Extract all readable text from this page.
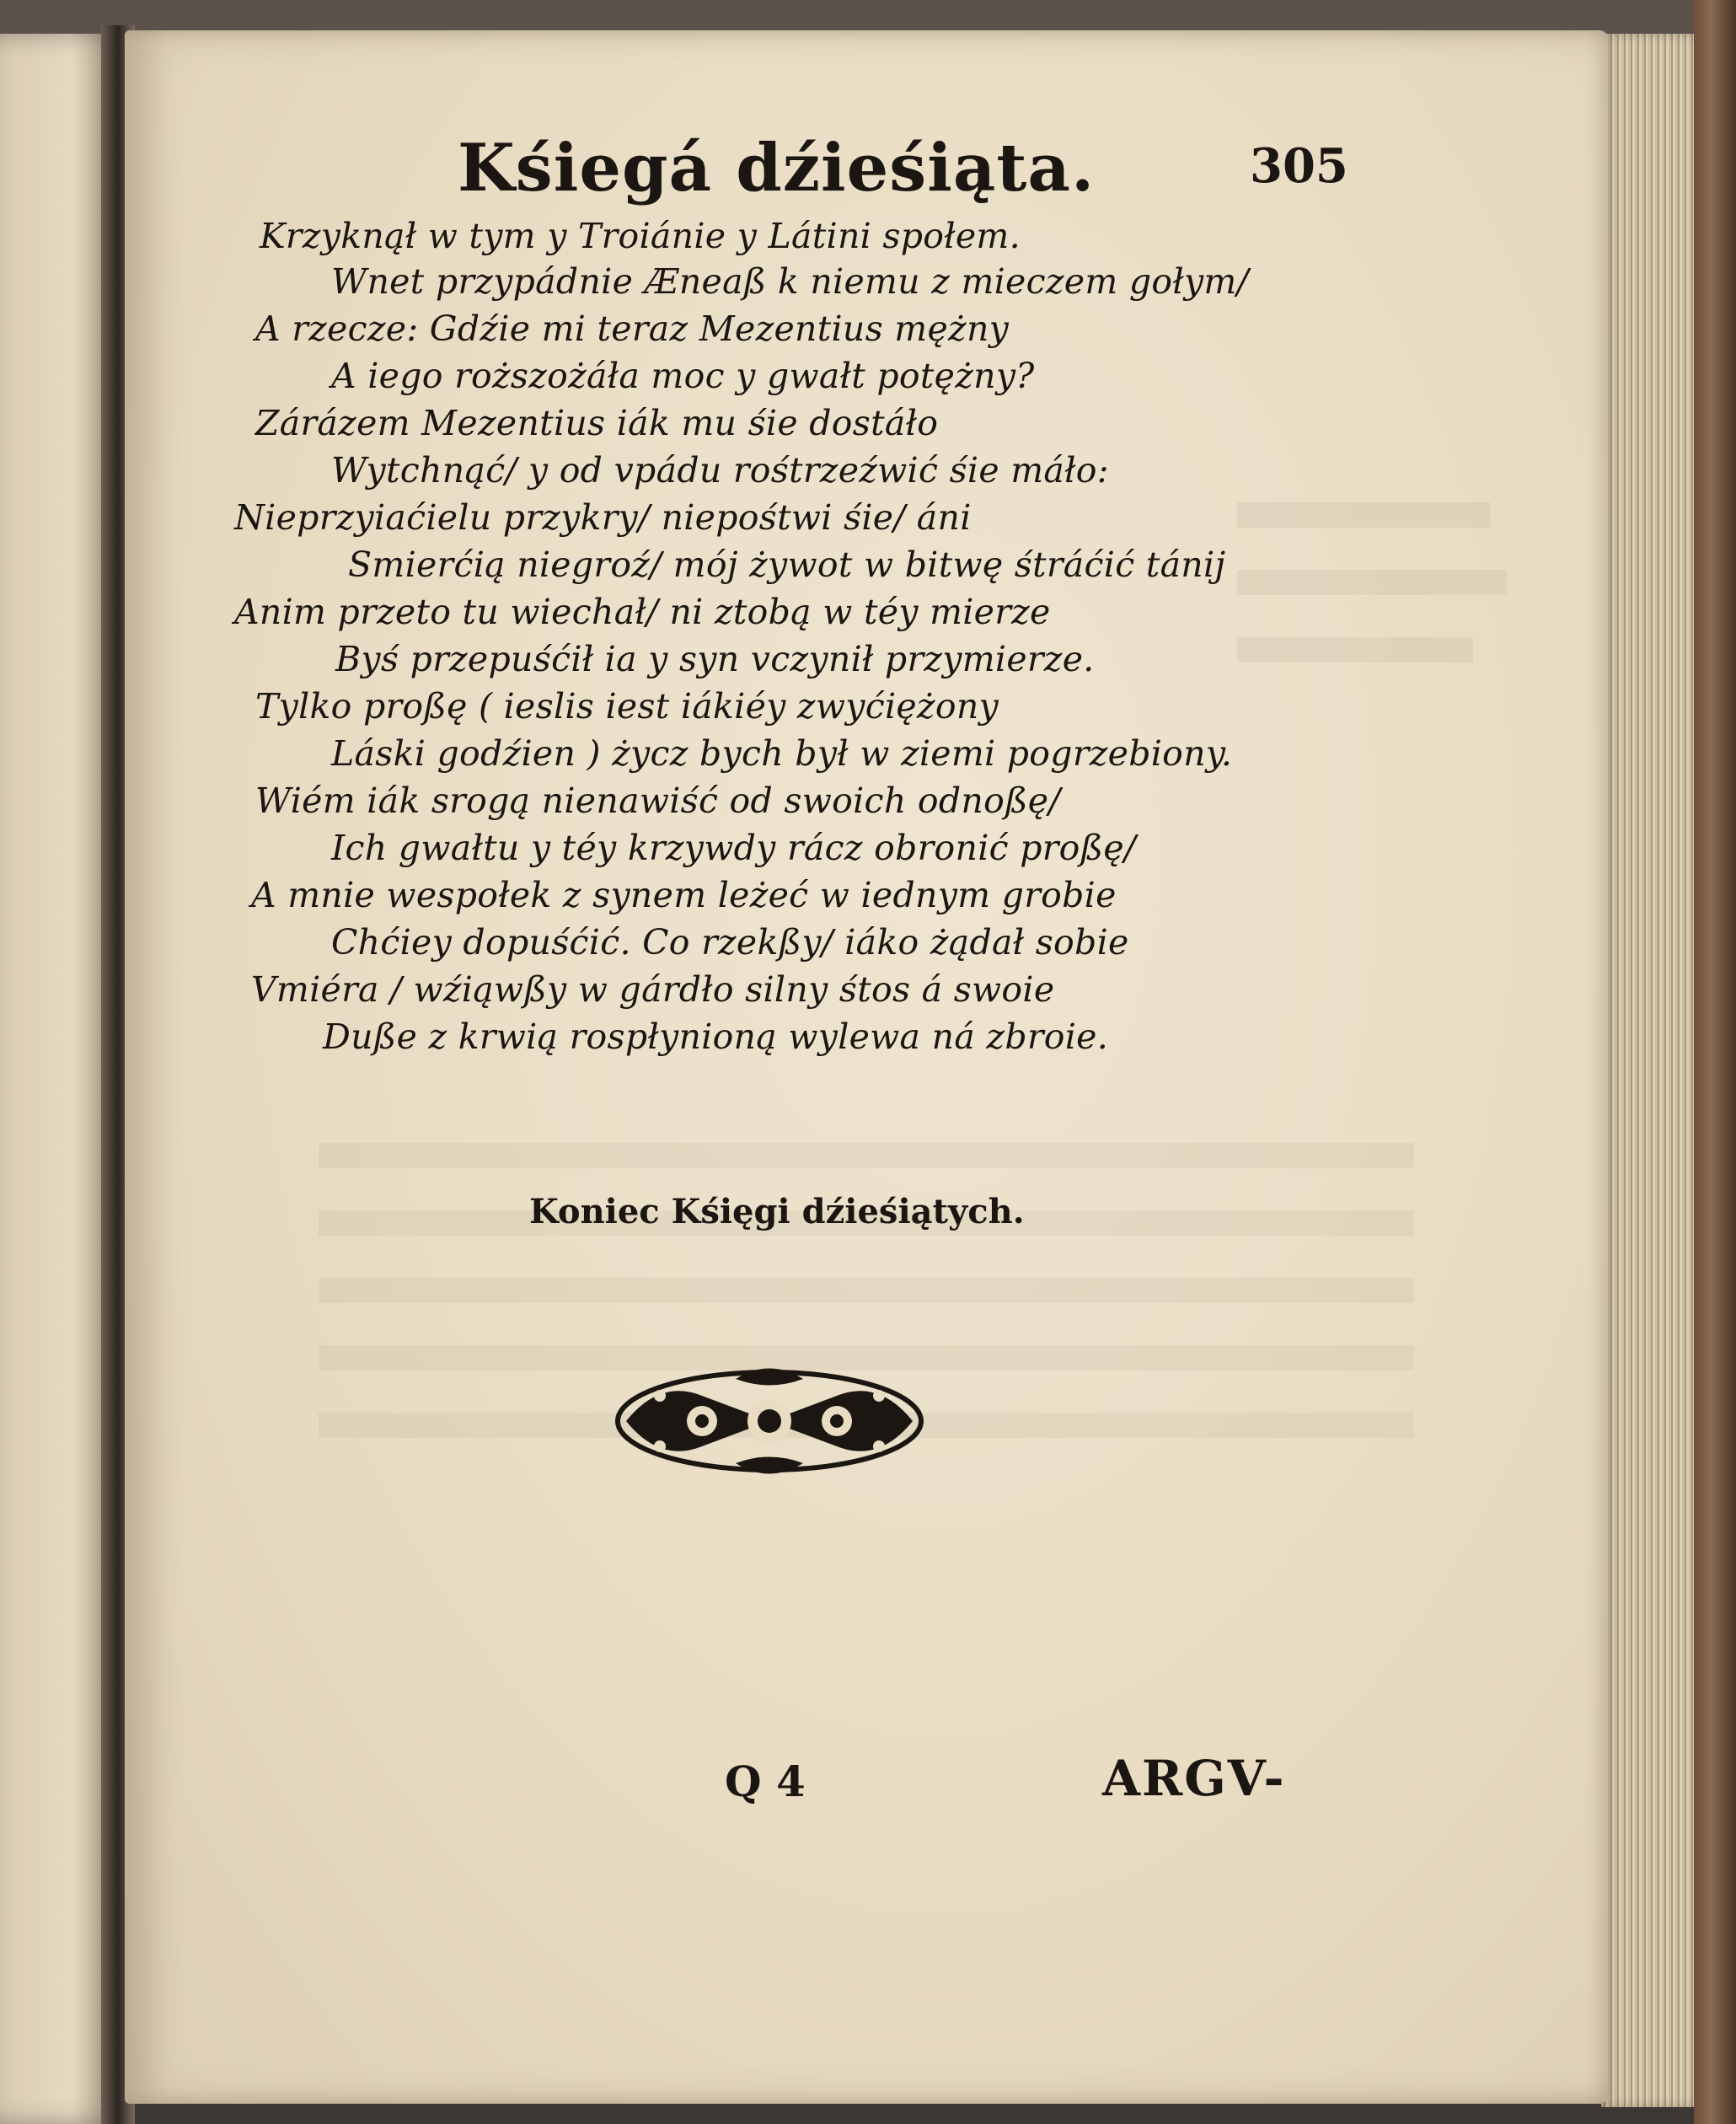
Kśiegá dźieśiąta.	305
Krzyknął w tym y Troiánie y Látini społem.
Wnet przypádnie Æneaß k niemu z mieczem gołym/
A rzecze: Gdźie mi teraz Mezentius mężny
A iego roższożáła moc y gwałt potężny?
Zárázem Mezentius iák mu śie dostáło
Wytchnąć/ y od vpádu rośtrzeźwić śie máło:
Nieprzyiaćielu przykry/ niepośtwi śie/ áni
Smierćią niegroź/ mój żywot w bitwę śtráćić tánij
Anim przeto tu wiechał/ ni ztobą w téy mierze
Byś przepuśćił ia y syn vczynił przymierze.
Tylko proßę ( ieslis iest iákiéy zwyćiężony
Láski godźien ) życz bych był w ziemi pogrzebiony.
Wiém iák srogą nienawiść od swoich odnoßę/
Ich gwałtu y téy krzywdy rácz obronić proßę/
A mnie wespołek z synem leżeć w iednym grobie
Chćiey dopuśćić. Co rzekßy/ iáko żądał sobie
Vmiéra / wźiąwßy w gárdło silny śtos á swoie
Duße z krwią rospłynioną wylewa ná zbroie.
Koniec Kśięgi dźieśiątych.
Q 4	ARGV-
